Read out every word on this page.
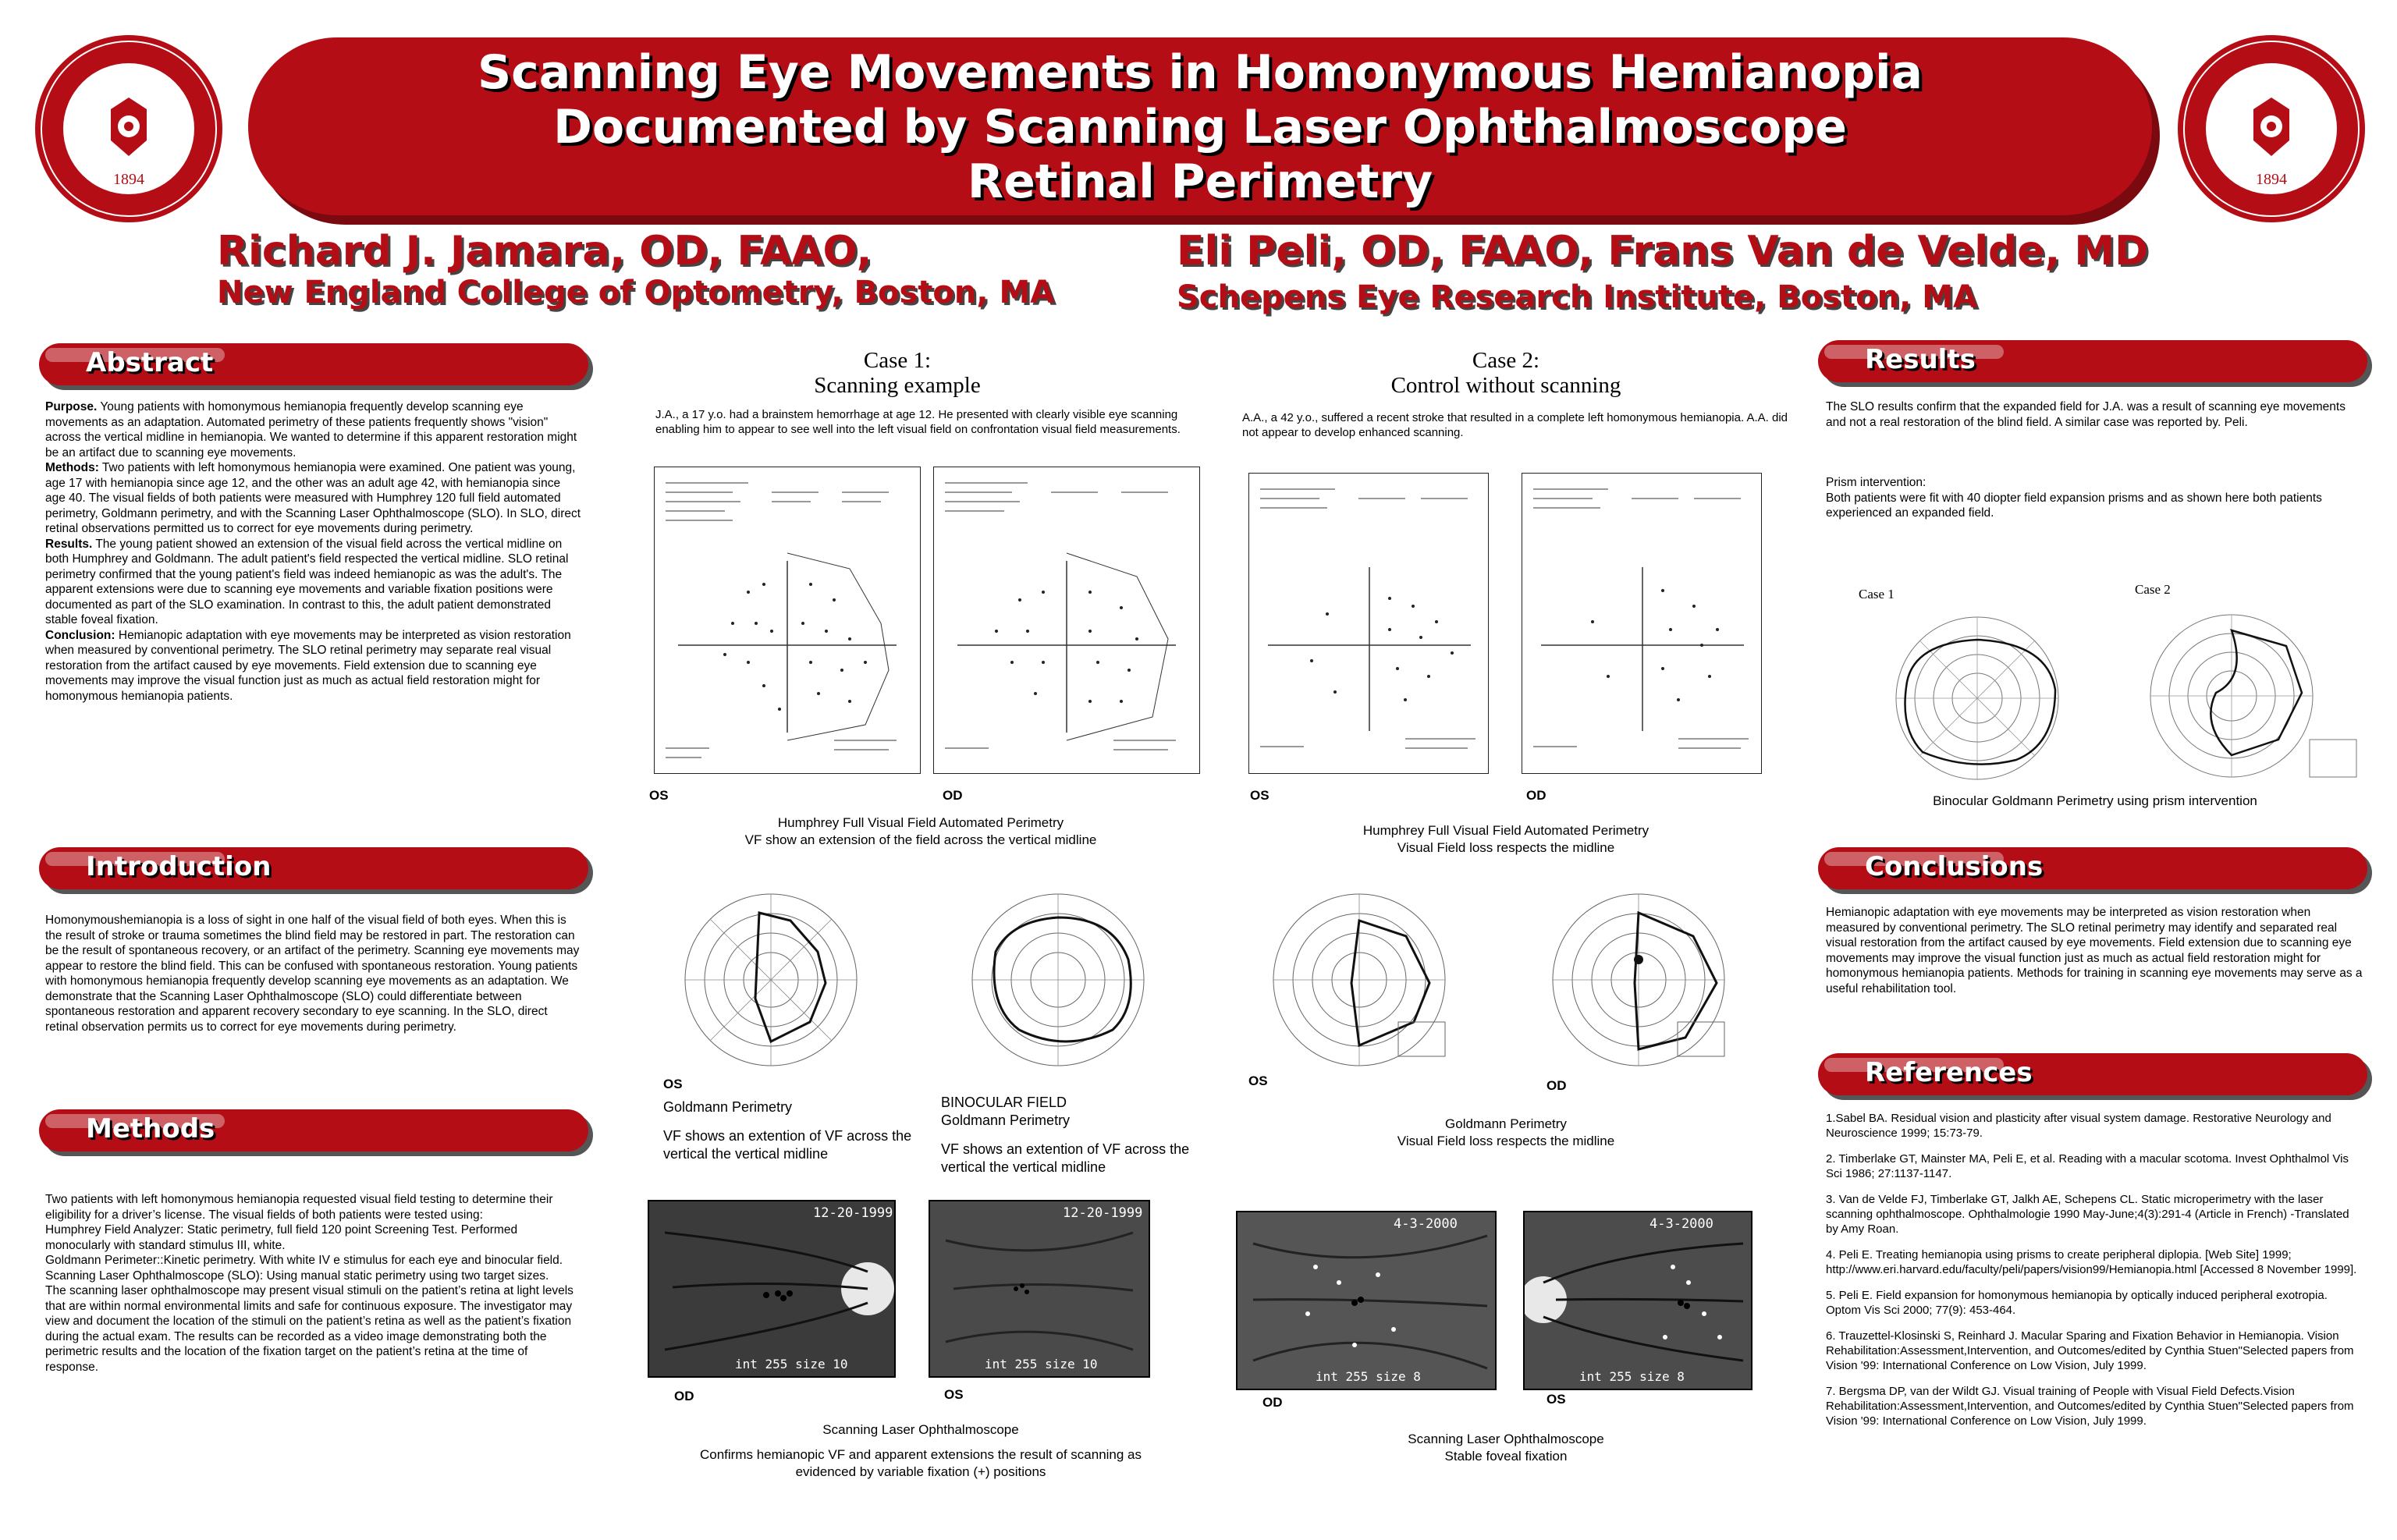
Scanning Eye Movements in Homonymous Hemianopia
Documented by Scanning Laser Ophthalmoscope
Retinal Perimetry
1894	1894
Richard J. Jamara, OD, FAAO,
New England College of Optometry, Boston, MA
Eli Peli, OD, FAAO, Frans Van de Velde, MD
Schepens Eye Research Institute, Boston, MA
Abstract
Purpose. Young patients with homonymous hemianopia frequently develop scanning eye movements as an adaptation. Automated perimetry of these patients frequently shows "vision" across the vertical midline in hemianopia. We wanted to determine if this apparent restoration might be an artifact due to scanning eye movements.
Methods: Two patients with left homonymous hemianopia were examined. One patient was young, age 17 with hemianopia since age 12, and the other was an adult age 42, with hemianopia since age 40. The visual fields of both patients were measured with Humphrey 120 full field automated perimetry, Goldmann perimetry, and with the Scanning Laser Ophthalmoscope (SLO). In SLO, direct retinal observations permitted us to correct for eye movements during perimetry.
Results. The young patient showed an extension of the visual field across the vertical midline on both Humphrey and Goldmann. The adult patient's field respected the vertical midline. SLO retinal perimetry confirmed that the young patient's field was indeed hemianopic as was the adult's. The apparent extensions were due to scanning eye movements and variable fixation positions were documented as part of the SLO examination. In contrast to this, the adult patient demonstrated stable foveal fixation.
Conclusion: Hemianopic adaptation with eye movements may be interpreted as vision restoration when measured by conventional perimetry. The SLO retinal perimetry may separate real visual restoration from the artifact caused by eye movements. Field extension due to scanning eye movements may improve the visual function just as much as actual field restoration might for homonymous hemianopia patients.
Introduction
Homonymoushemianopia is a loss of sight in one half of the visual field of both eyes. When this is the result of stroke or trauma sometimes the blind field may be restored in part. The restoration can be the result of spontaneous recovery, or an artifact of the perimetry. Scanning eye movements may appear to restore the blind field. This can be confused with spontaneous restoration. Young patients with homonymous hemianopia frequently develop scanning eye movements as an adaptation. We demonstrate that the Scanning Laser Ophthalmoscope (SLO) could differentiate between spontaneous restoration and apparent recovery secondary to eye scanning. In the SLO, direct retinal observation permits us to correct for eye movements during perimetry.
Methods

Two patients with left homonymous hemianopia requested visual field testing to determine their eligibility for a driver’s license. The visual fields of both patients were tested using:

Humphrey Field Analyzer: Static perimetry, full field 120 point Screening Test. Performed monocularly with standard stimulus III, white.

Goldmann Perimeter::Kinetic perimetry. With white IV e stimulus for each eye and binocular field.

Scanning Laser Ophthalmoscope (SLO): Using manual static perimetry using two target sizes.

The scanning laser ophthalmoscope may present visual stimuli on the patient’s retina at light levels that are within normal environmental limits and safe for continuous exposure. The investigator may view and document the location of the stimuli on the patient’s retina as well as the patient’s fixation during the actual exam. The results can be recorded as a video image demonstrating both the perimetric results and the location of the fixation target on the patient’s retina at the time of response.

Case 1:
Scanning example
J.A., a 17 y.o. had a brainstem hemorrhage at age 12. He presented with clearly visible eye scanning enabling him to appear to see well into the left visual field on confrontation visual field measurements.
OS	OD
Humphrey Full Visual Field Automated Perimetry
VF show an extension of the field across the vertical midline
OS
Goldmann Perimetry
VF shows an extention of VF across the vertical the vertical midline
BINOCULAR FIELD
Goldmann Perimetry
VF shows an extention of VF across the vertical the vertical midline
12-20-1999
int 255 size 10
12-20-1999
int 255 size 10
OD	OS
Scanning Laser Ophthalmoscope
Confirms hemianopic VF and apparent extensions the result of scanning as evidenced by variable fixation (+) positions
Case 2:
Control without scanning
A.A., a 42 y.o., suffered a recent stroke that resulted in a complete left homonymous hemianopia. A.A. did not appear to develop enhanced scanning.
OS	OD
Humphrey Full Visual Field Automated Perimetry
Visual Field loss respects the midline
OS	OD
Goldmann Perimetry
Visual Field loss respects the midline
4-3-2000
int 255 size 8
4-3-2000
int 255 size 8
OD	OS
Scanning Laser Ophthalmoscope
Stable foveal fixation
Results

The SLO results confirm that the expanded field for J.A. was a result of scanning eye movements and not a real restoration of the blind field. A similar case was reported by. Peli.

Prism intervention:

Both patients were fit with 40 diopter field expansion prisms and as shown here both patients experienced an expanded field.

Case 1	Case 2
Binocular Goldmann Perimetry using prism intervention
Conclusions
Hemianopic adaptation with eye movements may be interpreted as vision restoration when measured by conventional perimetry. The SLO retinal perimetry may identify and separated real visual restoration from the artifact caused by eye movements. Field extension due to scanning eye movements may improve the visual function just as much as actual field restoration might for homonymous hemianopia patients. Methods for training in scanning eye movements may serve as a useful rehabilitation tool.
References

1.Sabel BA. Residual vision and plasticity after visual system damage. Restorative Neurology and Neuroscience 1999; 15:73-79.

2. Timberlake GT, Mainster MA, Peli E, et al. Reading with a macular scotoma. Invest Ophthalmol Vis Sci 1986; 27:1137-1147.

3. Van de Velde FJ, Timberlake GT, Jalkh AE, Schepens CL. Static microperimetry with the laser scanning ophthalmoscope. Ophthalmologie 1990 May-June;4(3):291-4 (Article in French) -Translated by Amy Roan.

4. Peli E. Treating hemianopia using prisms to create peripheral diplopia. [Web Site] 1999; http://www.eri.harvard.edu/faculty/peli/papers/vision99/Hemianopia.html [Accessed 8 November 1999].

5. Peli E. Field expansion for homonymous hemianopia by optically induced peripheral exotropia. Optom Vis Sci 2000; 77(9): 453-464.

6. Trauzettel-Klosinski S, Reinhard J. Macular Sparing and Fixation Behavior in Hemianopia. Vision Rehabilitation:Assessment,Intervention, and Outcomes/edited by Cynthia Stuen"Selected papers from Vision '99: International Conference on Low Vision, July 1999.

7. Bergsma DP, van der Wildt GJ. Visual training of People with Visual Field Defects.Vision Rehabilitation:Assessment,Intervention, and Outcomes/edited by Cynthia Stuen"Selected papers from Vision '99: International Conference on Low Vision, July 1999.
